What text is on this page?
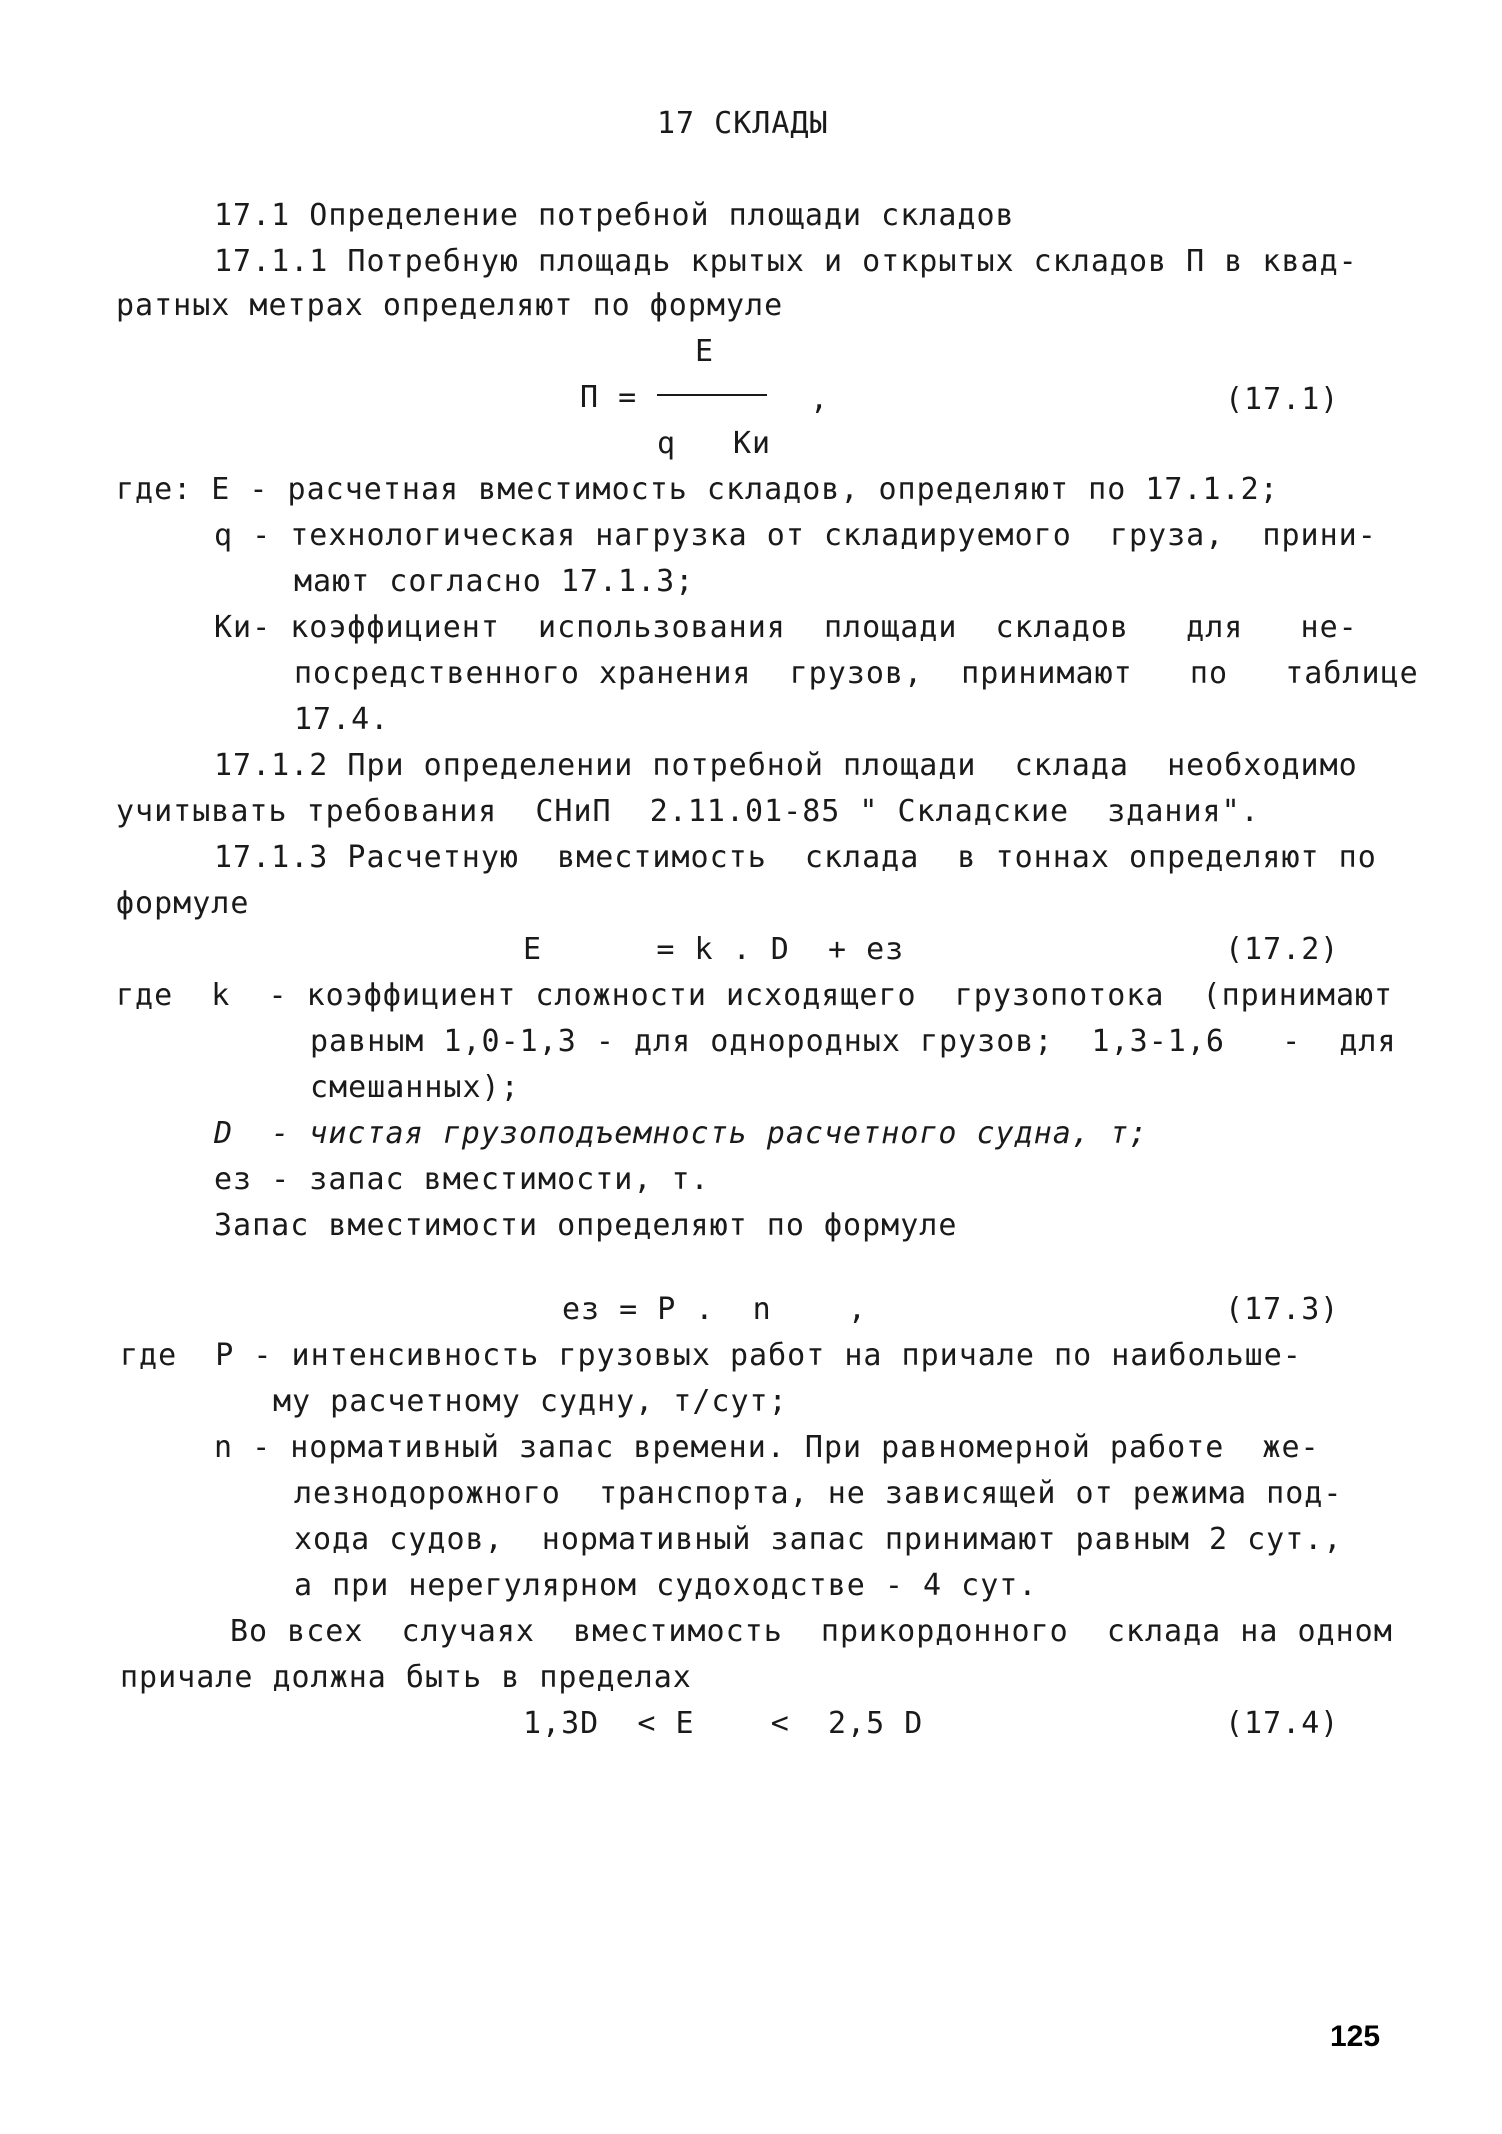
17 СКЛАДЫ
17.1 Определение потребной площади складов
17.1.1 Потребную площадь крытых и открытых складов П в квад-
ратных метрах определяют по формуле
E
П =	,	(17.1)
q Ки
где: E - расчетная вместимость складов, определяют по 17.1.2;
q - технологическая нагрузка от складируемого  груза,  прини-
мают согласно 17.1.3;
Ки- коэффициент  использования  площади  складов   для   не-
посредственного хранения  грузов,  принимают   по   таблице
17.4.
17.1.2 При определении потребной площади  склада  необходимо
учитывать требования  СНиП  2.11.01-85 " Складские  здания".
17.1.3 Расчетную  вместимость  склада  в тоннах определяют по
формуле
E      = k . D  + eз	(17.2)
где  k  - коэффициент сложности исходящего  грузопотока  (принимают
равным 1,0-1,3 - для однородных грузов;  1,3-1,6   -  для
смешанных);
D  - чистая грузоподъемность расчетного судна, т;
eз - запас вместимости, т.
Запас вместимости определяют по формуле
eз = P .  n    ,	(17.3)
где  P - интенсивность грузовых работ на причале по наибольше-
му расчетному судну, т/сут;
n - нормативный запас времени. При равномерной работе  же-
лезнодорожного  транспорта, не зависящей от режима под-
хода судов,  нормативный запас принимают равным 2 сут.,
а при нерегулярном судоходстве - 4 сут.
Во всех  случаях  вместимость  прикордонного  склада на одном
причале должна быть в пределах
1,3D  < E    <  2,5 D	(17.4)
125
